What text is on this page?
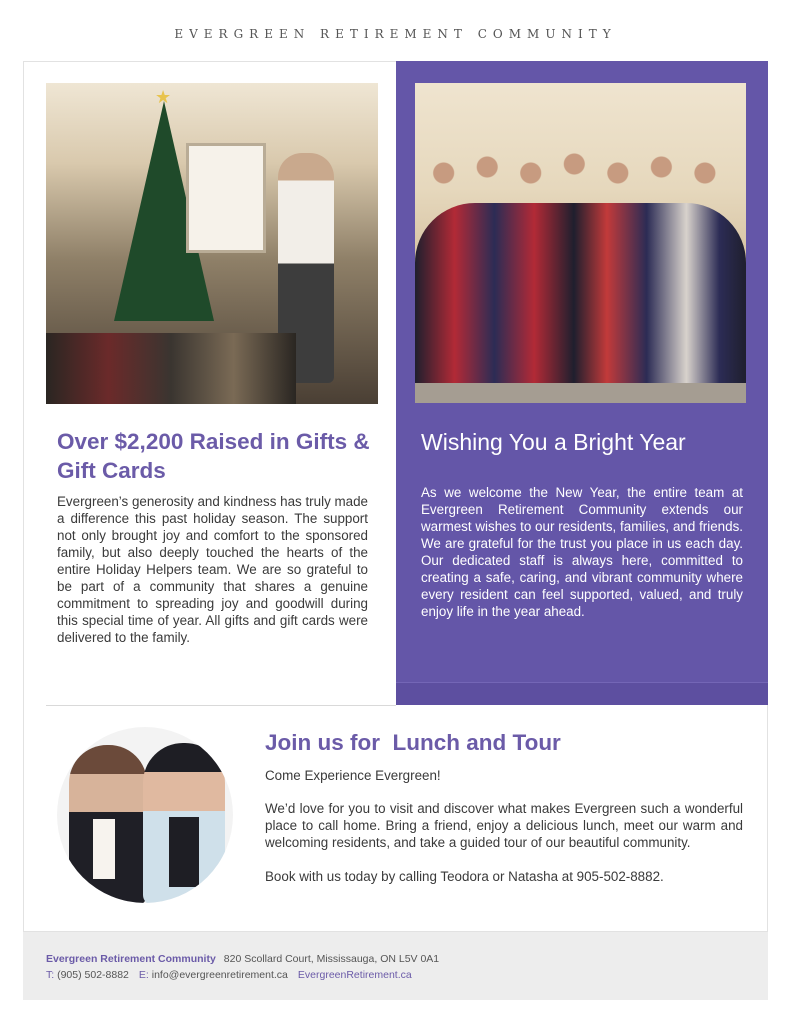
EVERGREEN RETIREMENT COMMUNITY
★
Over $2,200 Raised in Gifts & Gift Cards
Evergreen’s generosity and kindness has truly made a difference this past holiday season. The support not only brought joy and comfort to the sponsored family, but also deeply touched the hearts of the entire Holiday Helpers team. We are so grateful to be part of a community that shares a genuine commitment to spreading joy and goodwill during this special time of year. All gifts and gift cards were delivered to the family.
Wishing You a Bright Year
As we welcome the New Year, the entire team at Evergreen Retirement Community extends our warmest wishes to our residents, families, and friends. We are grateful for the trust you place in us each day. Our dedicated staff is always here, committed to creating a safe, caring, and vibrant community where every resident can feel supported, valued, and truly enjoy life in the year ahead.
Join us for  Lunch and Tour
Come Experience Evergreen!
We’d love for you to visit and discover what makes Evergreen such a wonderful place to call home. Bring a friend, enjoy a delicious lunch, meet our warm and welcoming residents, and take a guided tour of our beautiful community.
Book with us today by calling Teodora or Natasha at 905-502-8882.
Evergreen Retirement Community 820 Scollard Court, Mississauga, ON L5V 0A1
T: (905) 502-8882 E: info@evergreenretirement.ca EvergreenRetirement.ca
